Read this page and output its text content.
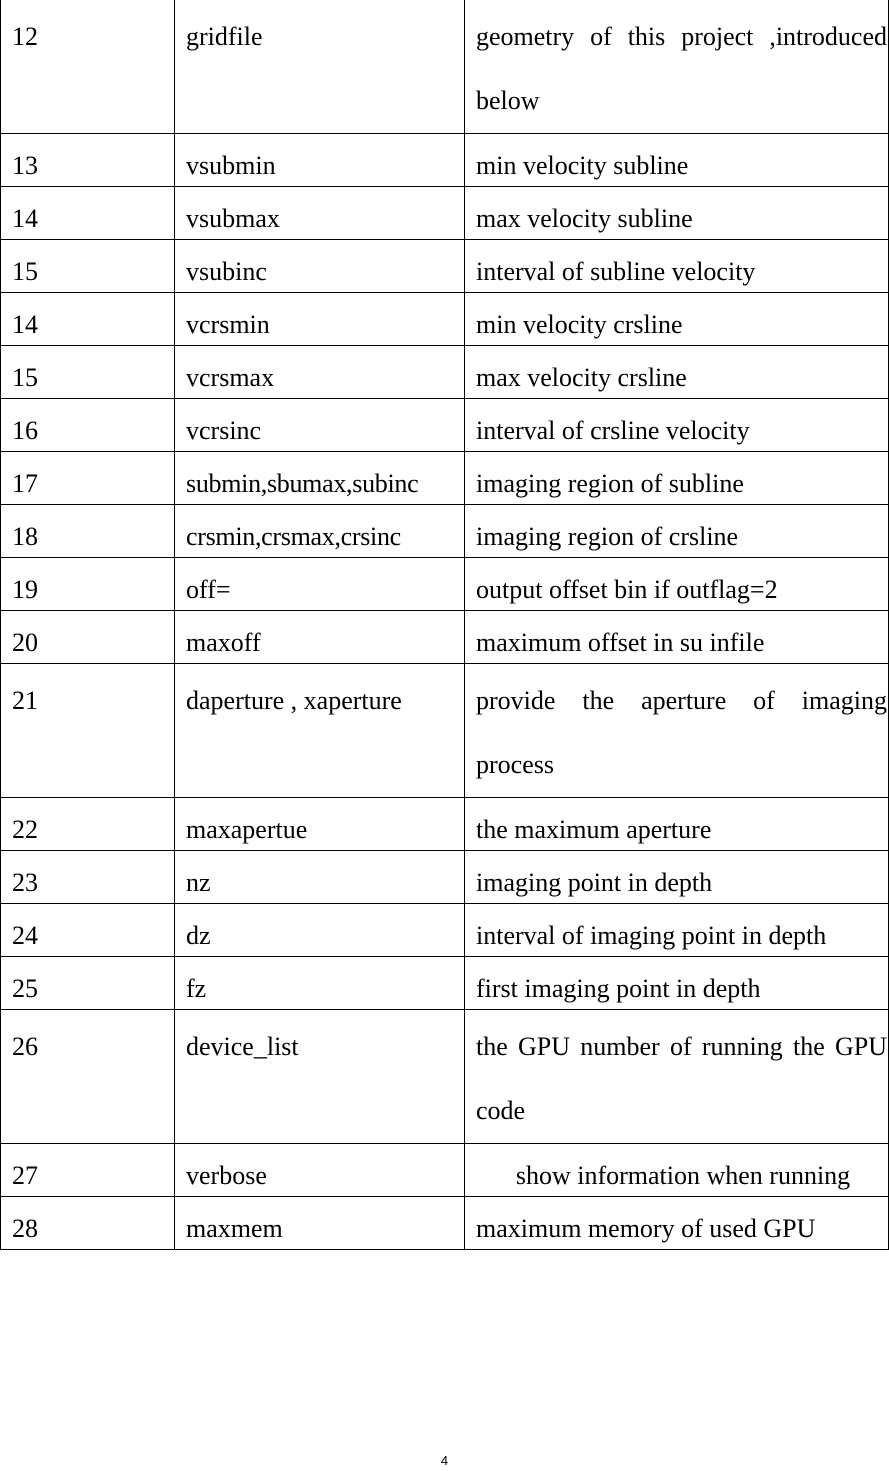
12	gridfile	geometry of this project ,introduced below
13	vsubmin	min velocity subline
14	vsubmax	max velocity subline
15	vsubinc	interval of subline velocity
14	vcrsmin	min velocity crsline
15	vcrsmax	max velocity crsline
16	vcrsinc	interval of crsline velocity
17	submin,sbumax,subinc	imaging region of subline
18	crsmin,crsmax,crsinc	imaging region of crsline
19	off=	output offset bin if outflag=2
20	maxoff	maximum offset in su infile
21	daperture , xaperture	provide the aperture of imaging process
22	maxapertue	the maximum aperture
23	nz	imaging point in depth
24	dz	interval of imaging point in depth
25	fz	first imaging point in depth
26	device_list	the GPU number of running the GPU code
27	verbose	show information when running
28	maxmem	maximum memory of used GPU
4
